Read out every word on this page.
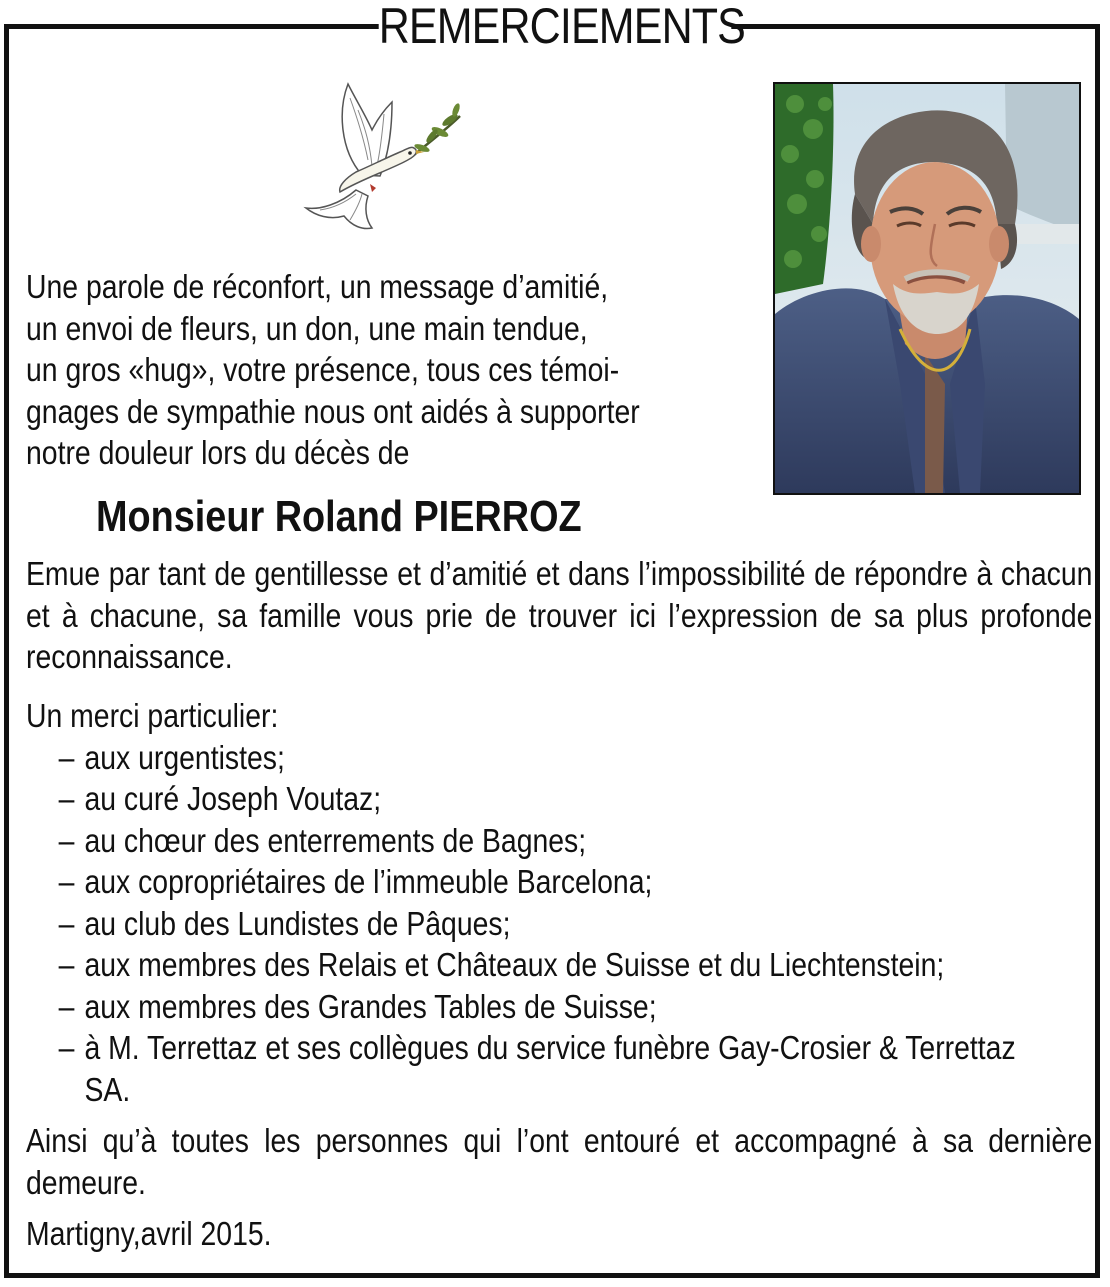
REMERCIEMENTS
Une parole de réconfort, un message d’amitié,
un envoi de fleurs, un don, une main tendue,
un gros «hug», votre présence, tous ces témoi-
gnages de sympathie nous ont aidés à supporter
notre douleur lors du décès de
Monsieur Roland PIERROZ
Emue par tant de gentillesse et d’amitié et dans l’impossibilité de répondre à chacun et à chacune, sa famille vous prie de trouver ici l’expression de sa plus profonde reconnaissance.
Un merci particulier:
– aux urgentistes;
– au curé Joseph Voutaz;
– au chœur des enterrements de Bagnes;
– aux copropriétaires de l’immeuble Barcelona;
– au club des Lundistes de Pâques;
– aux membres des Relais et Châteaux de Suisse et du Liechtenstein;
– aux membres des Grandes Tables de Suisse;
– à M. Terrettaz et ses collègues du service funèbre Gay-Crosier & Terrettaz SA.
Ainsi qu’à toutes les personnes qui l’ont entouré et accompagné à sa dernière demeure.
Martigny,avril 2015.
